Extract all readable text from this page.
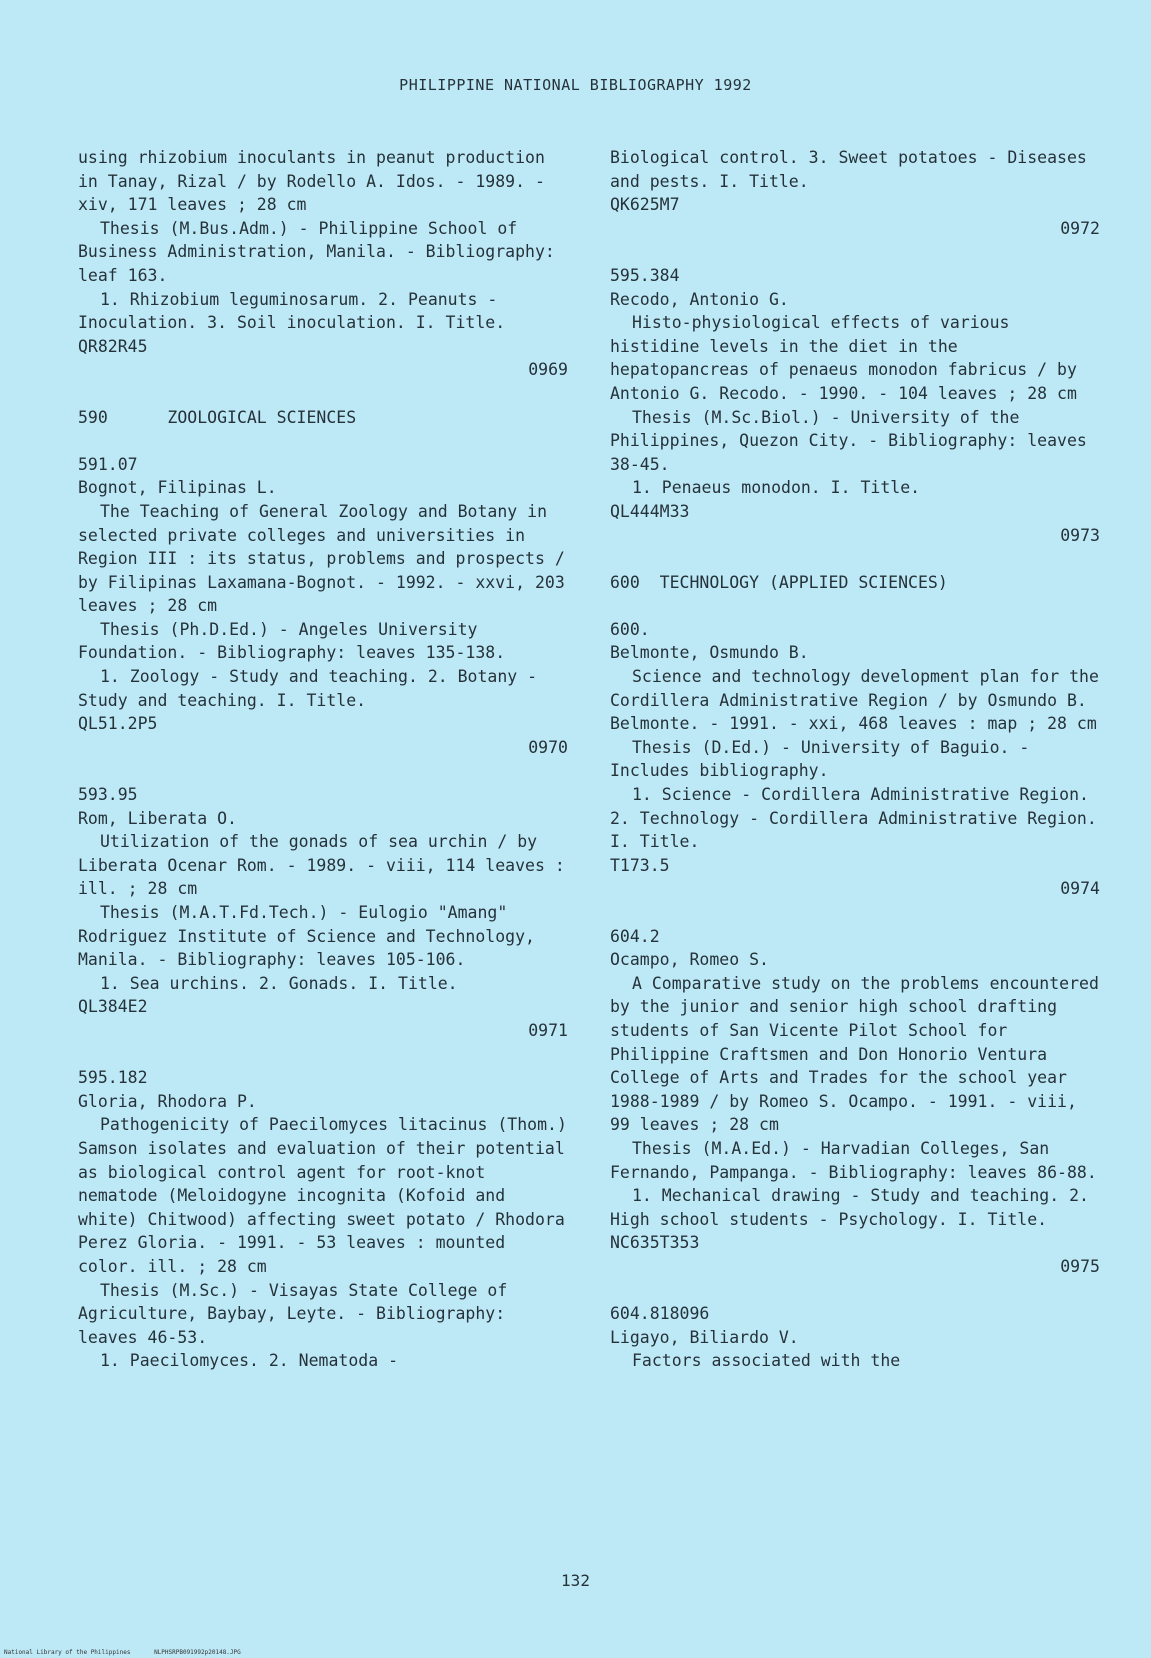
PHILIPPINE NATIONAL BIBLIOGRAPHY 1992

using rhizobium inoculants in peanut production in Tanay, Rizal / by Rodello A. Idos. - 1989. - xiv, 171 leaves ; 28 cm

Thesis (M.Bus.Adm.) - Philippine School of Business Administration, Manila. - Bibliography: leaf 163.

1. Rhizobium leguminosarum. 2. Peanuts - Inoculation. 3. Soil inoculation. I. Title.

QR82R45

0969

590      ZOOLOGICAL SCIENCES

591.07

Bognot, Filipinas L.

The Teaching of General Zoology and Botany in selected private colleges and universities in Region III : its status, problems and prospects / by Filipinas Laxamana-Bognot. - 1992. - xxvi, 203 leaves ; 28 cm

Thesis (Ph.D.Ed.) - Angeles University Foundation. - Bibliography: leaves 135-138.

1. Zoology - Study and teaching. 2. Botany - Study and teaching. I. Title.

QL51.2P5

0970

593.95

Rom, Liberata O.

Utilization of the gonads of sea urchin / by Liberata Ocenar Rom. - 1989. - viii, 114 leaves : ill. ; 28 cm

Thesis (M.A.T.Fd.Tech.) - Eulogio "Amang" Rodriguez Institute of Science and Technology, Manila. - Bibliography: leaves 105-106.

1. Sea urchins. 2. Gonads. I. Title.

QL384E2

0971

595.182

Gloria, Rhodora P.

Pathogenicity of Paecilomyces litacinus (Thom.) Samson isolates and evaluation of their potential as biological control agent for root-knot nematode (Meloidogyne incognita (Kofoid and white) Chitwood) affecting sweet potato / Rhodora Perez Gloria. - 1991. - 53 leaves : mounted color. ill. ; 28 cm

Thesis (M.Sc.) - Visayas State College of Agriculture, Baybay, Leyte. - Bibliography: leaves 46-53.

1. Paecilomyces. 2. Nematoda -

Biological control. 3. Sweet potatoes - Diseases and pests. I. Title.

QK625M7

0972

595.384

Recodo, Antonio G.

Histo-physiological effects of various histidine levels in the diet in the hepatopancreas of penaeus monodon fabricus / by Antonio G. Recodo. - 1990. - 104 leaves ; 28 cm

Thesis (M.Sc.Biol.) - University of the Philippines, Quezon City. - Bibliography: leaves 38-45.

1. Penaeus monodon. I. Title.

QL444M33

0973

600  TECHNOLOGY (APPLIED SCIENCES)

600.

Belmonte, Osmundo B.

Science and technology development plan for the Cordillera Administrative Region / by Osmundo B. Belmonte. - 1991. - xxi, 468 leaves : map ; 28 cm

Thesis (D.Ed.) - University of Baguio. - Includes bibliography.

1. Science - Cordillera Administrative Region. 2. Technology - Cordillera Administrative Region. I. Title.

T173.5

0974

604.2

Ocampo, Romeo S.

A Comparative study on the problems encountered by the junior and senior high school drafting students of San Vicente Pilot School for Philippine Craftsmen and Don Honorio Ventura College of Arts and Trades for the school year 1988-1989 / by Romeo S. Ocampo. - 1991. - viii, 99 leaves ; 28 cm

Thesis (M.A.Ed.) - Harvadian Colleges, San Fernando, Pampanga. - Bibliography: leaves 86-88.

1. Mechanical drawing - Study and teaching. 2. High school students - Psychology. I. Title.

NC635T353

0975

604.818096

Ligayo, Biliardo V.

Factors associated with the

132
National Library of the Philippines	NLPHSRPB091992p20148.JPG
